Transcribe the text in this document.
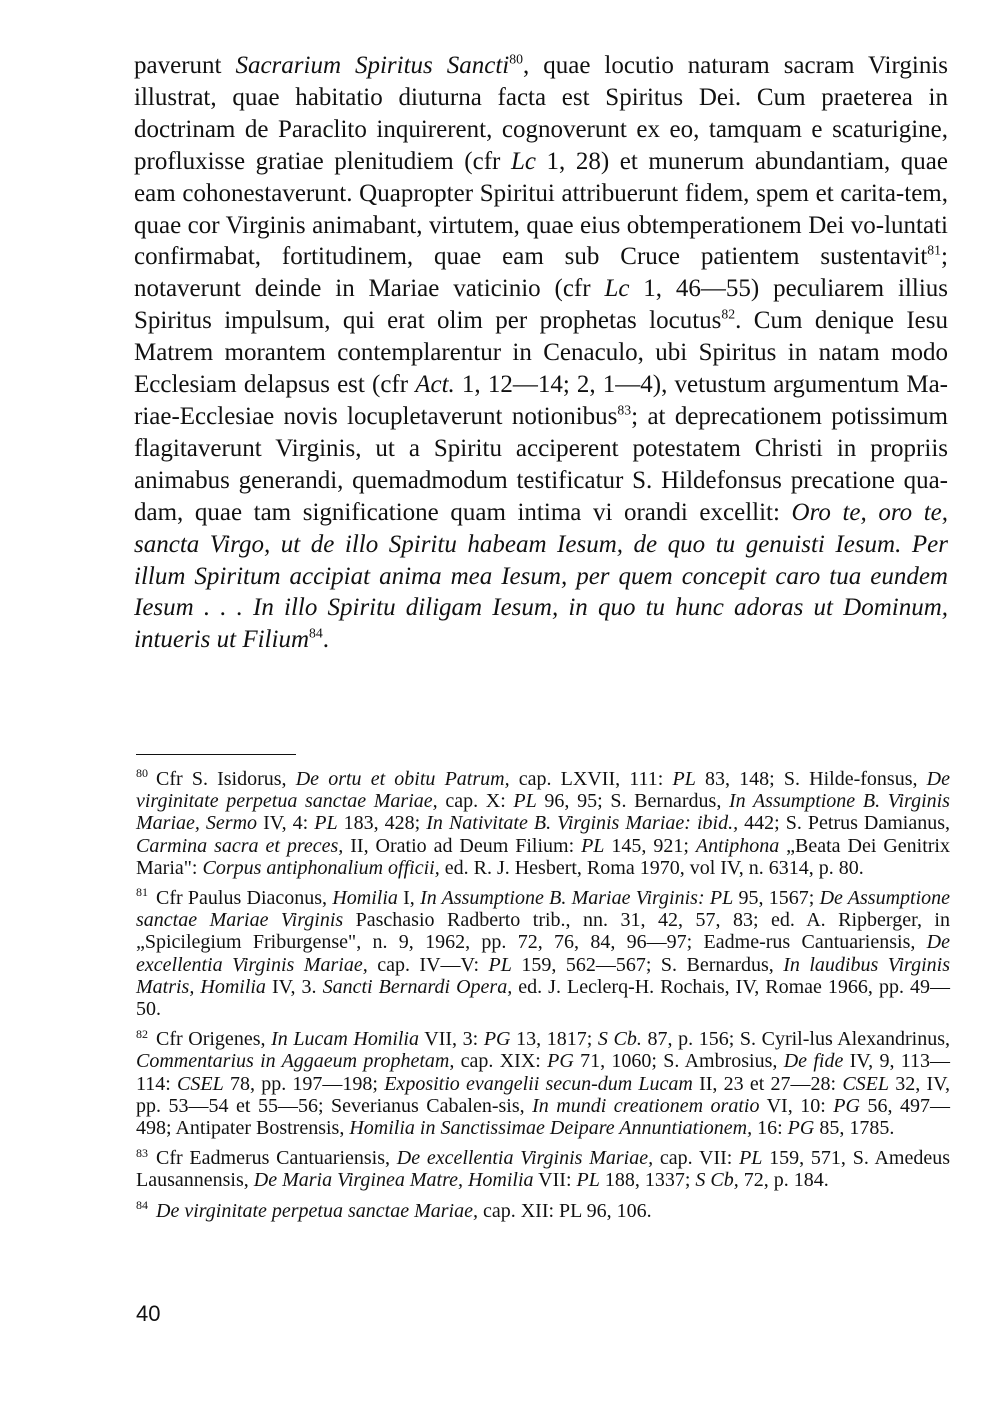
paverunt Sacrarium Spiritus Sancti$^{80}$, quae locutio naturam sacram Virginis illustrat, quae habitatio diuturna facta est Spiritus Dei. Cum praeterea in doctrinam de Paraclito inquirerent, cognoverunt ex eo, tamquam e scaturigine, profluxisse gratiae plenitudiem (cfr Lc 1, 28) et munerum abundantiam, quae eam cohonestaverunt. Quapropter Spiritui attribuerunt fidem, spem et carita-tem, quae cor Virginis animabant, virtutem, quae eius obtemperationem Dei vo-luntati confirmabat, fortitudinem, quae eam sub Cruce patientem sustentavit$^{81}$; notaverunt deinde in Mariae vaticinio (cfr Lc 1, 46—55) peculiarem illius Spiritus impulsum, qui erat olim per prophetas locutus$^{82}$. Cum denique Iesu Matrem morantem contemplarentur in Cenaculo, ubi Spiritus in natam modo Ecclesiam delapsus est (cfr Act. 1, 12—14; 2, 1—4), vetustum argumentum Ma-riae-Ecclesiae novis locupletaverunt notionibus$^{83}$; at deprecationem potissimum flagitaverunt Virginis, ut a Spiritu acciperent potestatem Christi in propriis animabus generandi, quemadmodum testificatur S. Hildefonsus precatione qua-dam, quae tam significatione quam intima vi orandi excellit: Oro te, oro te, sancta Virgo, ut de illo Spiritu habeam Iesum, de quo tu genuisti Iesum. Per illum Spiritum accipiat anima mea Iesum, per quem concepit caro tua eundem Iesum . . . In illo Spiritu diligam Iesum, in quo tu hunc adoras ut Dominum, intueris ut Filium$^{84}$.

$^{80}$ Cfr S. Isidorus, De ortu et obitu Patrum, cap. LXVII, 111: PL 83, 148; S. Hilde-fonsus, De virginitate perpetua sanctae Mariae, cap. X: PL 96, 95; S. Bernardus, In Assumptione B. Virginis Mariae, Sermo IV, 4: PL 183, 428; In Nativitate B. Virginis Mariae: ibid., 442; S. Petrus Damianus, Carmina sacra et preces, II, Oratio ad Deum Filium: PL 145, 921; Antiphona „Beata Dei Genitrix Maria": Corpus antiphonalium officii, ed. R. J. Hesbert, Roma 1970, vol IV, n. 6314, p. 80.

$^{81}$ Cfr Paulus Diaconus, Homilia I, In Assumptione B. Mariae Virginis: PL 95, 1567; De Assumptione sanctae Mariae Virginis Paschasio Radberto trib., nn. 31, 42, 57, 83; ed. A. Ripberger, in „Spicilegium Friburgense", n. 9, 1962, pp. 72, 76, 84, 96—97; Eadme-rus Cantuariensis, De excellentia Virginis Mariae, cap. IV—V: PL 159, 562—567; S. Bernardus, In laudibus Virginis Matris, Homilia IV, 3. Sancti Bernardi Opera, ed. J. Leclerq-H. Rochais, IV, Romae 1966, pp. 49—50.

$^{82}$ Cfr Origenes, In Lucam Homilia VII, 3: PG 13, 1817; S Cb. 87, p. 156; S. Cyril-lus Alexandrinus, Commentarius in Aggaeum prophetam, cap. XIX: PG 71, 1060; S. Ambrosius, De fide IV, 9, 113—114: CSEL 78, pp. 197—198; Expositio evangelii secun-dum Lucam II, 23 et 27—28: CSEL 32, IV, pp. 53—54 et 55—56; Severianus Cabalen-sis, In mundi creationem oratio VI, 10: PG 56, 497—498; Antipater Bostrensis, Homilia in Sanctissimae Deipare Annuntiationem, 16: PG 85, 1785.

$^{83}$ Cfr Eadmerus Cantuariensis, De excellentia Virginis Mariae, cap. VII: PL 159, 571, S. Amedeus Lausannensis, De Maria Virginea Matre, Homilia VII: PL 188, 1337; S Cb, 72, p. 184.

$^{84}$ De virginitate perpetua sanctae Mariae, cap. XII: PL 96, 106.

40
